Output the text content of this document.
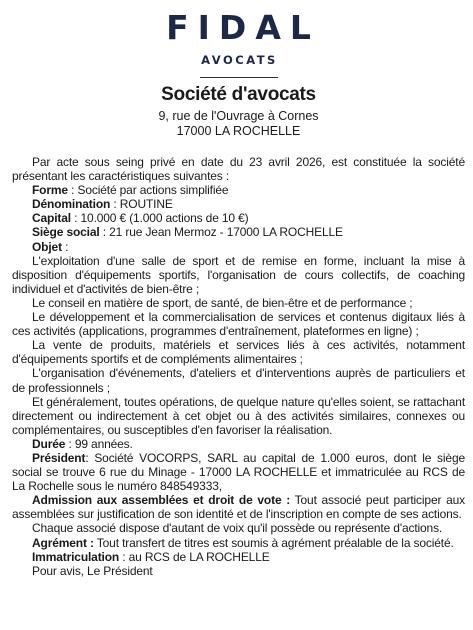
FIDAL
AVOCATS
Société d'avocats
9, rue de l'Ouvrage à Cornes
17000 LA ROCHELLE

Par acte sous seing privé en date du 23 avril 2026, est constituée la société présentant les caractéristiques suivantes :

Forme : Société par actions simplifiée

Dénomination : ROUTINE

Capital : 10.000 € (1.000 actions de 10 €)

Siège social : 21 rue Jean Mermoz - 17000 LA ROCHELLE

Objet :

L'exploitation d'une salle de sport et de remise en forme, incluant la mise à disposition d'équipements sportifs, l'organisation de cours collectifs, de coaching individuel et d'activités de bien-être ;

Le conseil en matière de sport, de santé, de bien-être et de performance ;

Le développement et la commercialisation de services et contenus digitaux liés à ces activités (applications, programmes d'entraînement, plateformes en ligne) ;

La vente de produits, matériels et services liés à ces activités, notamment d'équipements sportifs et de compléments alimentaires ;

L'organisation d'événements, d'ateliers et d'interventions auprès de particuliers et de professionnels ;

Et généralement, toutes opérations, de quelque nature qu'elles soient, se rattachant directement ou indirectement à cet objet ou à des activités similaires, connexes ou complémentaires, ou susceptibles d'en favoriser la réalisation.

Durée : 99 années.

Président: Société VOCORPS, SARL au capital de 1.000 euros, dont le siège social se trouve 6 rue du Minage - 17000 LA ROCHELLE et immatriculée au RCS de La Rochelle sous le numéro 848549333,

Admission aux assemblées et droit de vote : Tout associé peut participer aux assemblées sur justification de son identité et de l'inscription en compte de ses actions.

Chaque associé dispose d'autant de voix qu'il possède ou représente d'actions.

Agrément : Tout transfert de titres est soumis à agrément préalable de la société.

Immatriculation : au RCS de LA ROCHELLE

Pour avis, Le Président
